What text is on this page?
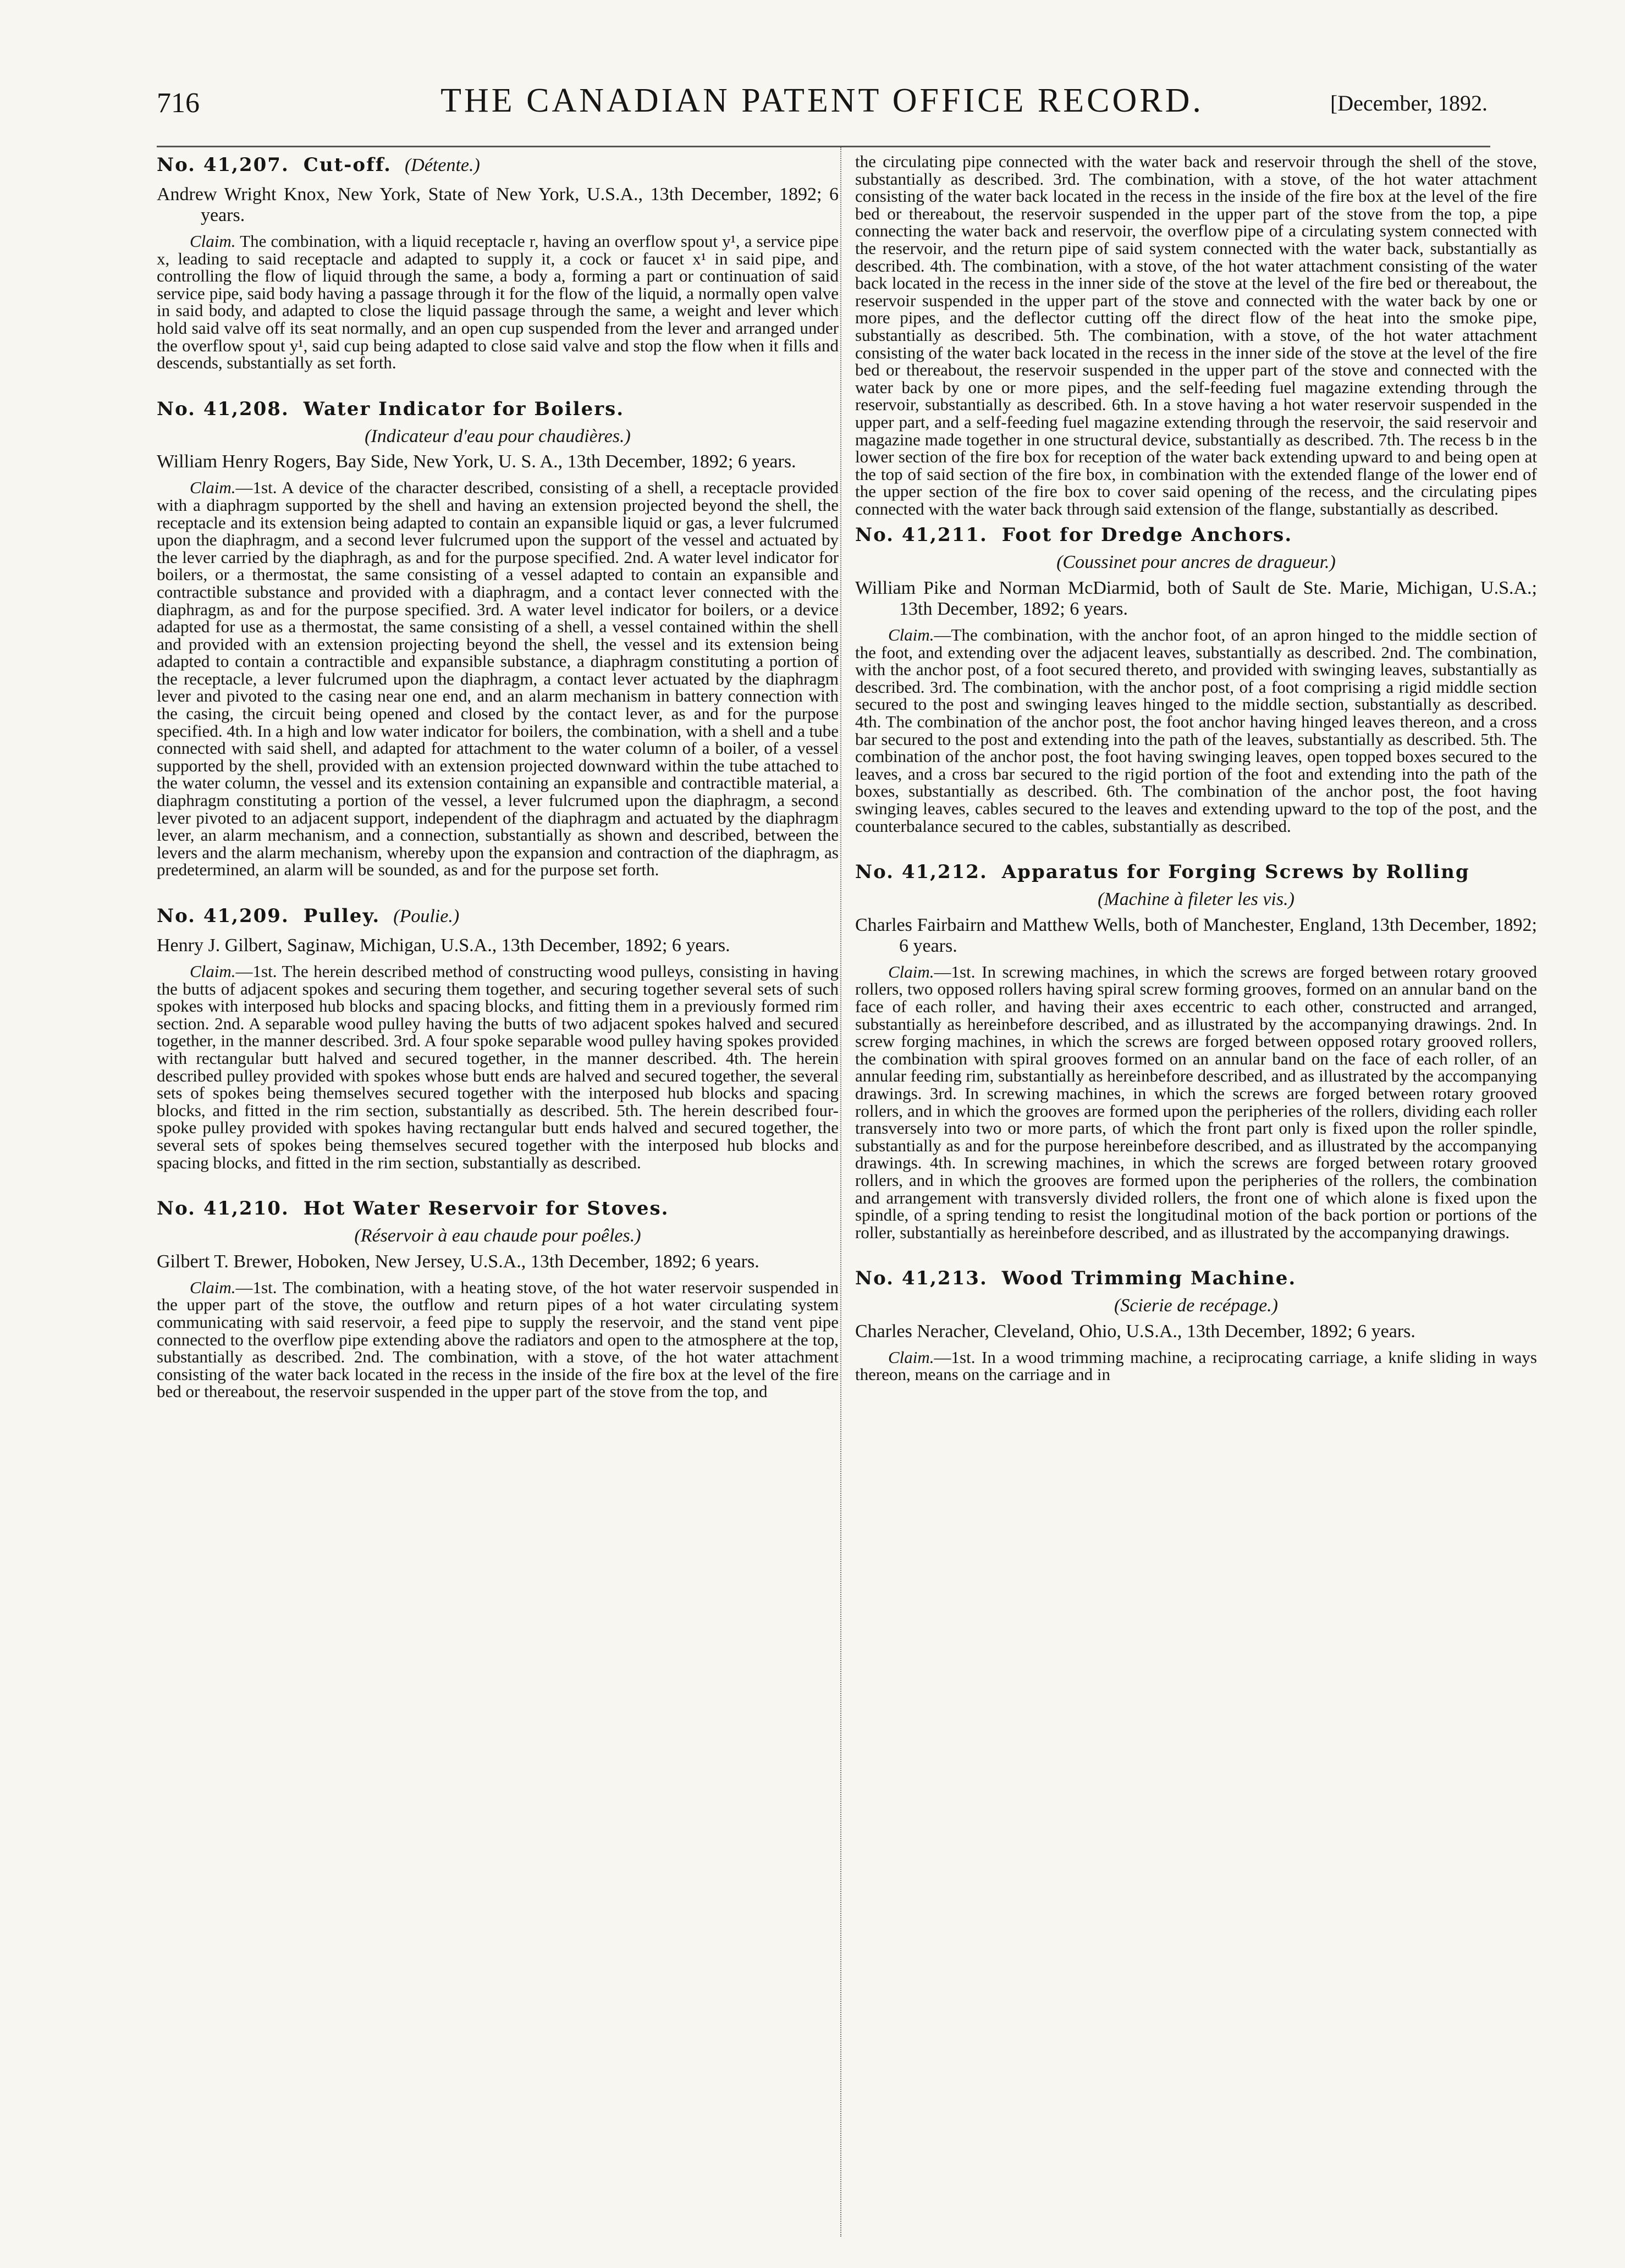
716	THE CANADIAN PATENT OFFICE RECORD.	[December, 1892.
No. 41,207. Cut-off. (Détente.)
Andrew Wright Knox, New York, State of New York, U.S.A., 13th December, 1892; 6 years.

Claim. The combination, with a liquid receptacle r, having an overflow spout y¹, a service pipe x, leading to said receptacle and adapted to supply it, a cock or faucet x¹ in said pipe, and controlling the flow of liquid through the same, a body a, forming a part or continuation of said service pipe, said body having a passage through it for the flow of the liquid, a normally open valve in said body, and adapted to close the liquid passage through the same, a weight and lever which hold said valve off its seat normally, and an open cup suspended from the lever and arranged under the overflow spout y¹, said cup being adapted to close said valve and stop the flow when it fills and descends, substantially as set forth.

No. 41,208. Water Indicator for Boilers.
(Indicateur d'eau pour chaudières.)
William Henry Rogers, Bay Side, New York, U. S. A., 13th December, 1892; 6 years.

Claim.—1st. A device of the character described, consisting of a shell, a receptacle provided with a diaphragm supported by the shell and having an extension projected beyond the shell, the receptacle and its extension being adapted to contain an expansible liquid or gas, a lever fulcrumed upon the diaphragm, and a second lever fulcrumed upon the support of the vessel and actuated by the lever carried by the diaphragh, as and for the purpose specified. 2nd. A water level indicator for boilers, or a thermostat, the same consisting of a vessel adapted to contain an expansible and contractible substance and provided with a diaphragm, and a contact lever connected with the diaphragm, as and for the purpose specified. 3rd. A water level indicator for boilers, or a device adapted for use as a thermostat, the same consisting of a shell, a vessel contained within the shell and provided with an extension projecting beyond the shell, the vessel and its extension being adapted to contain a contractible and expansible substance, a diaphragm constituting a portion of the receptacle, a lever fulcrumed upon the diaphragm, a contact lever actuated by the diaphragm lever and pivoted to the casing near one end, and an alarm mechanism in battery connection with the casing, the circuit being opened and closed by the contact lever, as and for the purpose specified. 4th. In a high and low water indicator for boilers, the combination, with a shell and a tube connected with said shell, and adapted for attachment to the water column of a boiler, of a vessel supported by the shell, provided with an extension projected downward within the tube attached to the water column, the vessel and its extension containing an expansible and contractible material, a diaphragm constituting a portion of the vessel, a lever fulcrumed upon the diaphragm, a second lever pivoted to an adjacent support, independent of the diaphragm and actuated by the diaphragm lever, an alarm mechanism, and a connection, substantially as shown and described, between the levers and the alarm mechanism, whereby upon the expansion and contraction of the diaphragm, as predetermined, an alarm will be sounded, as and for the purpose set forth.

No. 41,209. Pulley. (Poulie.)
Henry J. Gilbert, Saginaw, Michigan, U.S.A., 13th December, 1892; 6 years.

Claim.—1st. The herein described method of constructing wood pulleys, consisting in having the butts of adjacent spokes and securing them together, and securing together several sets of such spokes with interposed hub blocks and spacing blocks, and fitting them in a previously formed rim section. 2nd. A separable wood pulley having the butts of two adjacent spokes halved and secured together, in the manner described. 3rd. A four spoke separable wood pulley having spokes provided with rectangular butt halved and secured together, in the manner described. 4th. The herein described pulley provided with spokes whose butt ends are halved and secured together, the several sets of spokes being themselves secured together with the interposed hub blocks and spacing blocks, and fitted in the rim section, substantially as described. 5th. The herein described four-spoke pulley provided with spokes having rectangular butt ends halved and secured together, the several sets of spokes being themselves secured together with the interposed hub blocks and spacing blocks, and fitted in the rim section, substantially as described.

No. 41,210. Hot Water Reservoir for Stoves.
(Réservoir à eau chaude pour poêles.)
Gilbert T. Brewer, Hoboken, New Jersey, U.S.A., 13th December, 1892; 6 years.

Claim.—1st. The combination, with a heating stove, of the hot water reservoir suspended in the upper part of the stove, the outflow and return pipes of a hot water circulating system communicating with said reservoir, a feed pipe to supply the reservoir, and the stand vent pipe connected to the overflow pipe extending above the radiators and open to the atmosphere at the top, substantially as described. 2nd. The combination, with a stove, of the hot water attachment consisting of the water back located in the recess in the inside of the fire box at the level of the fire bed or thereabout, the reservoir suspended in the upper part of the stove from the top, and

the circulating pipe connected with the water back and reservoir through the shell of the stove, substantially as described. 3rd. The combination, with a stove, of the hot water attachment consisting of the water back located in the recess in the inside of the fire box at the level of the fire bed or thereabout, the reservoir suspended in the upper part of the stove from the top, a pipe connecting the water back and reservoir, the overflow pipe of a circulating system connected with the reservoir, and the return pipe of said system connected with the water back, substantially as described. 4th. The combination, with a stove, of the hot water attachment consisting of the water back located in the recess in the inner side of the stove at the level of the fire bed or thereabout, the reservoir suspended in the upper part of the stove and connected with the water back by one or more pipes, and the deflector cutting off the direct flow of the heat into the smoke pipe, substantially as described. 5th. The combination, with a stove, of the hot water attachment consisting of the water back located in the recess in the inner side of the stove at the level of the fire bed or thereabout, the reservoir suspended in the upper part of the stove and connected with the water back by one or more pipes, and the self-feeding fuel magazine extending through the reservoir, substantially as described. 6th. In a stove having a hot water reservoir suspended in the upper part, and a self-feeding fuel magazine extending through the reservoir, the said reservoir and magazine made together in one structural device, substantially as described. 7th. The recess b in the lower section of the fire box for reception of the water back extending upward to and being open at the top of said section of the fire box, in combination with the extended flange of the lower end of the upper section of the fire box to cover said opening of the recess, and the circulating pipes connected with the water back through said extension of the flange, substantially as described.

No. 41,211. Foot for Dredge Anchors.
(Coussinet pour ancres de dragueur.)
William Pike and Norman McDiarmid, both of Sault de Ste. Marie, Michigan, U.S.A.; 13th December, 1892; 6 years.

Claim.—The combination, with the anchor foot, of an apron hinged to the middle section of the foot, and extending over the adjacent leaves, substantially as described. 2nd. The combination, with the anchor post, of a foot secured thereto, and provided with swinging leaves, substantially as described. 3rd. The combination, with the anchor post, of a foot comprising a rigid middle section secured to the post and swinging leaves hinged to the middle section, substantially as described. 4th. The combination of the anchor post, the foot anchor having hinged leaves thereon, and a cross bar secured to the post and extending into the path of the leaves, substantially as described. 5th. The combination of the anchor post, the foot having swinging leaves, open topped boxes secured to the leaves, and a cross bar secured to the rigid portion of the foot and extending into the path of the boxes, substantially as described. 6th. The combination of the anchor post, the foot having swinging leaves, cables secured to the leaves and extending upward to the top of the post, and the counterbalance secured to the cables, substantially as described.

No. 41,212. Apparatus for Forging Screws by Rolling
(Machine à fileter les vis.)
Charles Fairbairn and Matthew Wells, both of Manchester, England, 13th December, 1892; 6 years.

Claim.—1st. In screwing machines, in which the screws are forged between rotary grooved rollers, two opposed rollers having spiral screw forming grooves, formed on an annular band on the face of each roller, and having their axes eccentric to each other, constructed and arranged, substantially as hereinbefore described, and as illustrated by the accompanying drawings. 2nd. In screw forging machines, in which the screws are forged between opposed rotary grooved rollers, the combination with spiral grooves formed on an annular band on the face of each roller, of an annular feeding rim, substantially as hereinbefore described, and as illustrated by the accompanying drawings. 3rd. In screwing machines, in which the screws are forged between rotary grooved rollers, and in which the grooves are formed upon the peripheries of the rollers, dividing each roller transversely into two or more parts, of which the front part only is fixed upon the roller spindle, substantially as and for the purpose hereinbefore described, and as illustrated by the accompanying drawings. 4th. In screwing machines, in which the screws are forged between rotary grooved rollers, and in which the grooves are formed upon the peripheries of the rollers, the combination and arrangement with transversly divided rollers, the front one of which alone is fixed upon the spindle, of a spring tending to resist the longitudinal motion of the back portion or portions of the roller, substantially as hereinbefore described, and as illustrated by the accompanying drawings.

No. 41,213. Wood Trimming Machine.
(Scierie de recépage.)
Charles Neracher, Cleveland, Ohio, U.S.A., 13th December, 1892; 6 years.

Claim.—1st. In a wood trimming machine, a reciprocating carriage, a knife sliding in ways thereon, means on the carriage and in
